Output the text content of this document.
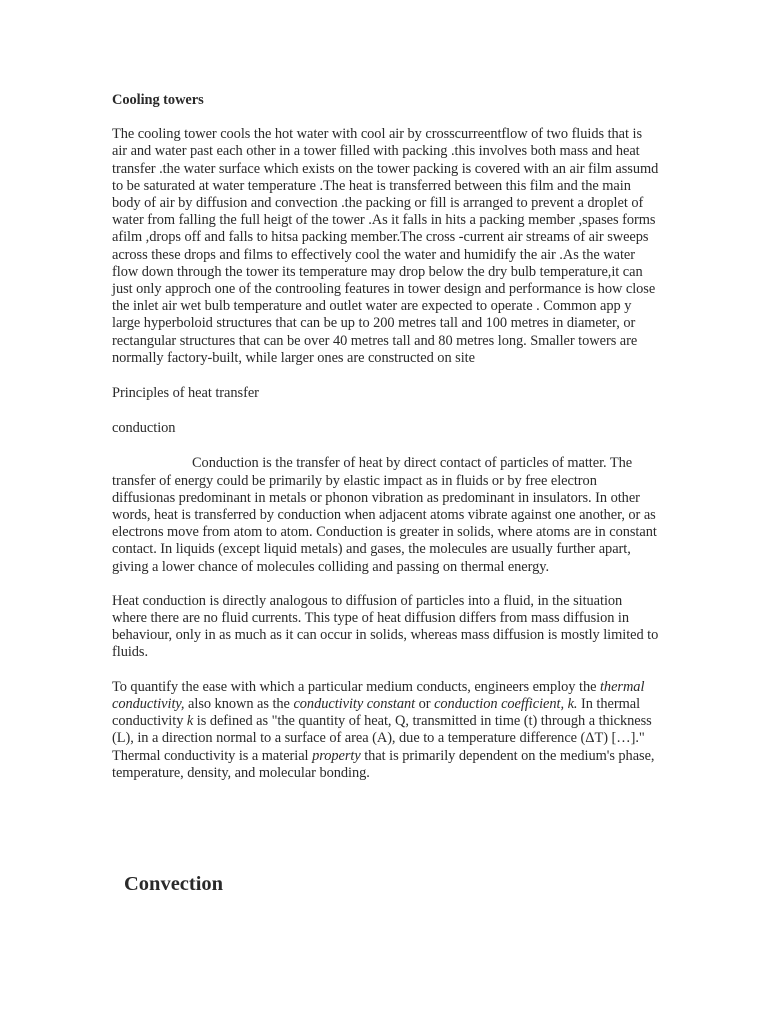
Cooling towers

The cooling tower cools the hot water with cool air by crosscurreentflow of two fluids that is air and water past each other in a tower filled with packing .this involves both mass and heat transfer .the water surface which exists on the tower packing is covered with an air film assumd to be saturated at water temperature .The heat is transferred between this film and the main body of air by diffusion and convection .the packing or fill is arranged to prevent a droplet of water from falling the full heigt of the tower .As it falls in hits a packing member ,spases forms afilm ,drops off and falls to hitsa packing member.The cross -current air streams of air sweeps across these drops and films to effectively cool the water and humidify the air .As the water flow down through the tower its temperature may drop below the dry bulb temperature,it can just only approch one of the controoling features in tower design and performance is how close the inlet air wet bulb temperature and outlet water are expected to operate . Common app y large hyperboloid structures that can be up to 200 metres tall and 100 metres in diameter, or rectangular structures that can be over 40 metres tall and 80 metres long. Smaller towers are normally factory-built, while larger ones are constructed on site

Principles of heat transfer

conduction

Conduction is the transfer of heat by direct contact of particles of matter. The transfer of energy could be primarily by elastic impact as in fluids or by free electron diffusionas predominant in metals or phonon vibration as predominant in insulators. In other words, heat is transferred by conduction when adjacent atoms vibrate against one another, or as electrons move from atom to atom. Conduction is greater in solids, where atoms are in constant contact. In liquids (except liquid metals) and gases, the molecules are usually further apart, giving a lower chance of molecules colliding and passing on thermal energy.

Heat conduction is directly analogous to diffusion of particles into a fluid, in the situation where there are no fluid currents. This type of heat diffusion differs from mass diffusion in behaviour, only in as much as it can occur in solids, whereas mass diffusion is mostly limited to fluids.

To quantify the ease with which a particular medium conducts, engineers employ the thermal conductivity, also known as the conductivity constant or conduction coefficient, k. In thermal conductivity k is defined as "the quantity of heat, Q, transmitted in time (t) through a thickness (L), in a direction normal to a surface of area (A), due to a temperature difference (ΔT) […]." Thermal conductivity is a material property that is primarily dependent on the medium's phase, temperature, density, and molecular bonding.

Convection
